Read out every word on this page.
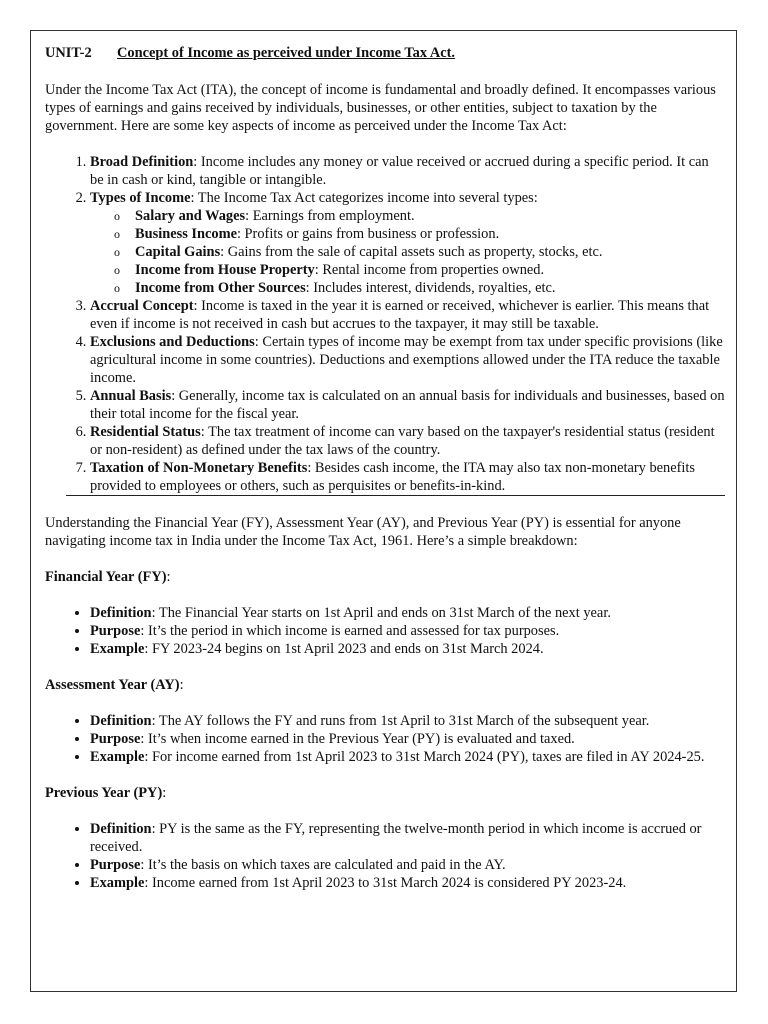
UNIT-2 Concept of Income as perceived under Income Tax Act.

Under the Income Tax Act (ITA), the concept of income is fundamental and broadly defined. It encompasses various types of earnings and gains received by individuals, businesses, or other entities, subject to taxation by the government. Here are some key aspects of income as perceived under the Income Tax Act:

1. Broad Definition: Income includes any money or value received or accrued during a specific period. It can be in cash or kind, tangible or intangible.
2. Types of Income: The Income Tax Act categorizes income into several types:
o Salary and Wages: Earnings from employment.
o Business Income: Profits or gains from business or profession.
o Capital Gains: Gains from the sale of capital assets such as property, stocks, etc.
o Income from House Property: Rental income from properties owned.
o Income from Other Sources: Includes interest, dividends, royalties, etc.
3. Accrual Concept: Income is taxed in the year it is earned or received, whichever is earlier. This means that even if income is not received in cash but accrues to the taxpayer, it may still be taxable.
4. Exclusions and Deductions: Certain types of income may be exempt from tax under specific provisions (like agricultural income in some countries). Deductions and exemptions allowed under the ITA reduce the taxable income.
5. Annual Basis: Generally, income tax is calculated on an annual basis for individuals and businesses, based on their total income for the fiscal year.
6. Residential Status: The tax treatment of income can vary based on the taxpayer's residential status (resident or non-resident) as defined under the tax laws of the country.
7. Taxation of Non-Monetary Benefits: Besides cash income, the ITA may also tax non-monetary benefits provided to employees or others, such as perquisites or benefits-in-kind.

Understanding the Financial Year (FY), Assessment Year (AY), and Previous Year (PY) is essential for anyone navigating income tax in India under the Income Tax Act, 1961. Here’s a simple breakdown:

Financial Year (FY):
• Definition: The Financial Year starts on 1st April and ends on 31st March of the next year.
• Purpose: It’s the period in which income is earned and assessed for tax purposes.
• Example: FY 2023-24 begins on 1st April 2023 and ends on 31st March 2024.
Assessment Year (AY):
• Definition: The AY follows the FY and runs from 1st April to 31st March of the subsequent year.
• Purpose: It’s when income earned in the Previous Year (PY) is evaluated and taxed.
• Example: For income earned from 1st April 2023 to 31st March 2024 (PY), taxes are filed in AY 2024-25.
Previous Year (PY):
• Definition: PY is the same as the FY, representing the twelve-month period in which income is accrued or received.
• Purpose: It’s the basis on which taxes are calculated and paid in the AY.
• Example: Income earned from 1st April 2023 to 31st March 2024 is considered PY 2023-24.
